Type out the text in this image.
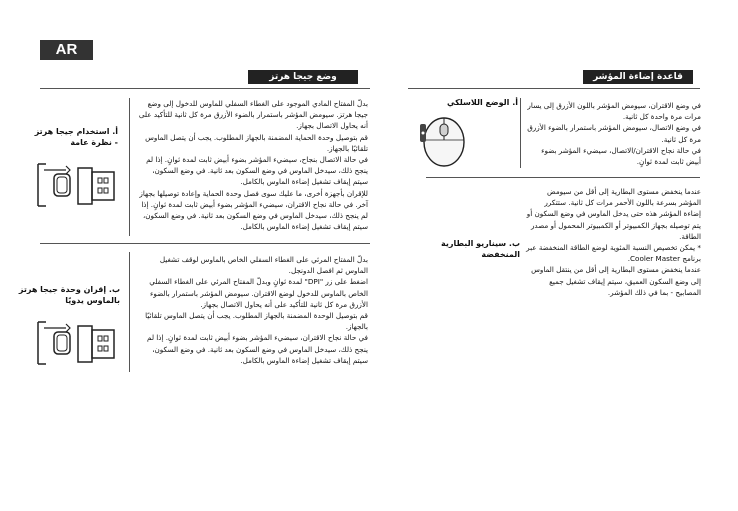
AR
وضع جيجا هرتز

أ. استخدام جيجا هرتز

- نظرة عامة

بدلّ المفتاح المادي الموجود على الغطاء السفلي للماوس للدخول إلى وضع جيجا هرتز. سيومض المؤشر باستمرار بالضوء الأزرق مرة كل ثانية للتأكيد على أنه يحاول الاتصال بجهاز.

قم بتوصيل وحدة الحماية المضمنة بالجهاز المطلوب. يجب أن يتصل الماوس تلقائيًا بالجهاز.

في حالة الاتصال بنجاح، سيضيء المؤشر بضوء أبيض ثابت لمدة ثوانٍ. إذا لم ينجح ذلك، سيدخل الماوس في وضع السكون بعد ثانية. في وضع السكون، سيتم إيقاف تشغيل إضاءة الماوس بالكامل.

للإقران بأجهزة أخرى، ما عليك سوى فصل وحدة الحماية وإعادة توصيلها بجهاز آخر. في حالة نجاح الاقتران، سيضيء المؤشر بضوء أبيض ثابت لمدة ثوانٍ. إذا لم ينجح ذلك، سيدخل الماوس في وضع السكون بعد ثانية. في وضع السكون، سيتم إيقاف تشغيل إضاءة الماوس بالكامل.

ب. إقران وحدة جيجا هرتز

بالماوس يدويًا

بدلّ المفتاح المرئي على الغطاء السفلي الخاص بالماوس لوقف تشغيل الماوس ثم افصل الدونجل.

اضغط على زر "DPI" لمدة ثوانٍ وبدلّ المفتاح المرئي على الغطاء السفلي الخاص بالماوس للدخول لوضع الاقتران. سيومض المؤشر باستمرار بالضوء الأزرق مرة كل ثانية للتأكيد على أنه يحاول الاتصال بجهاز.

قم بتوصيل الوحدة المضمنة بالجهاز المطلوب. يجب أن يتصل الماوس تلقائيًا بالجهاز.

في حالة نجاح الاقتران، سيضيء المؤشر بضوء أبيض ثابت لمدة ثوانٍ. إذا لم ينجح ذلك، سيدخل الماوس في وضع السكون بعد ثانية. في وضع السكون، سيتم إيقاف تشغيل إضاءة الماوس بالكامل.

قاعدة إضاءة المؤشر
أ. الوضع اللاسلكي في وضع الاقتران، سيومض المؤشر باللون الأزرق إلى يسار مرات مرة واحدة كل ثانية.

في وضع الاتصال، سيومض المؤشر باستمرار بالضوء الأزرق مرة كل ثانية.

في حالة نجاح الاقتران/الاتصال، سيضيء المؤشر بضوء أبيض ثابت لمدة ثوانٍ.

ب. سيناريو البطارية المنخفضة

عندما ينخفض مستوى البطارية إلى أقل من سيومض المؤشر بسرعة باللون الأحمر مرات كل ثانية. ستتكرر إضاءة المؤشر هذه حتى يدخل الماوس في وضع السكون أو يتم توصيله بجهاز الكمبيوتر أو الكمبيوتر المحمول أو مصدر الطاقة.

* يمكن تخصيص النسبة المئوية لوضع الطاقة المنخفضة عبر برنامج Cooler Master.

عندما ينخفض مستوى البطارية إلى أقل من ينتقل الماوس إلى وضع السكون العميق، سيتم إيقاف تشغيل جميع المصابيح - بما في ذلك المؤشر.
